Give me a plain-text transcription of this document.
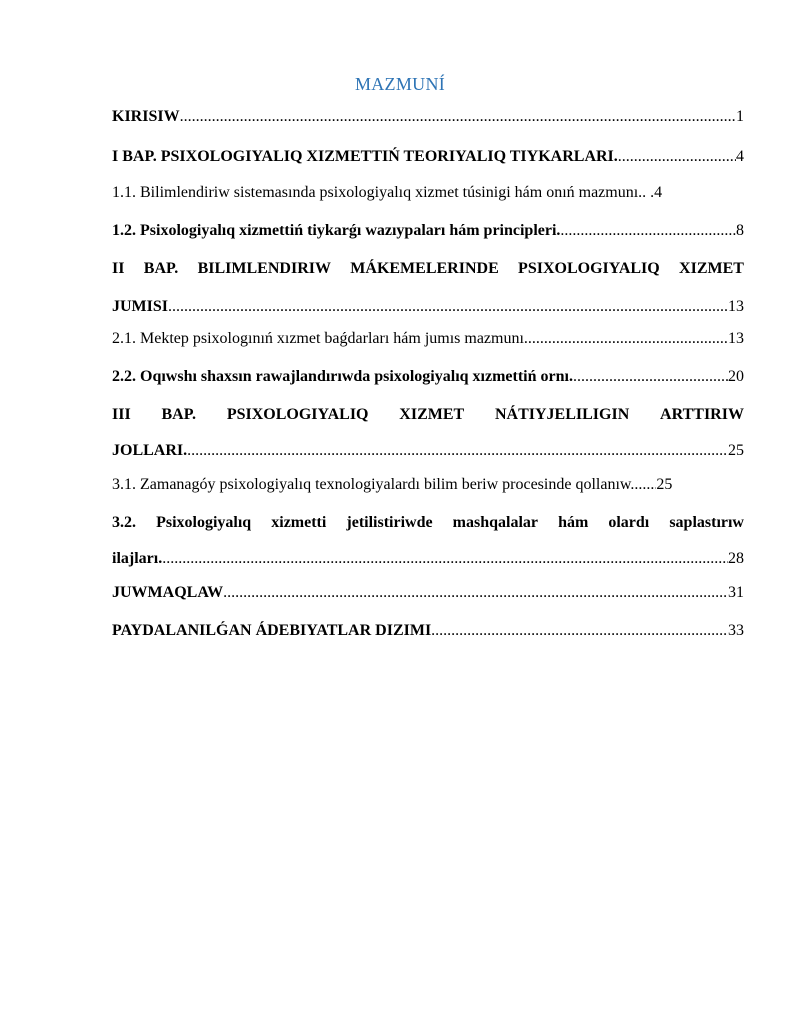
MAZMUNÍ
KIRISIW .....	1
I BAP. PSIXOLOGIYALIQ XIZMETTIŃ TEORIYALIQ TIYKARLARI. .....	4
1.1. Bilimlendiriw sistemasında psixologiyalıq xizmet túsinigi hám onıń mazmunı.. . 4
1.2. Psixologiyalıq xizmettiń tiykarǵı wazıypaları hám principleri. .....	8
II BAP. BILIMLENDIRIW MÁKEMELERINDE PSIXOLOGIYALIQ XIZMET
JUMISI .....	13
2.1. Mektep psixologınıń xızmet baǵdarları hám jumıs mazmunı. .....	13
2.2. Oqıwshı shaxsın rawajlandırıwda psixologiyalıq xızmettiń ornı. .....	20
III BAP. PSIXOLOGIYALIQ XIZMET NÁTIYJELILIGIN ARTTIRIW
JOLLARI. .....	25
3.1. Zamanagóy psixologiyalıq texnologiyalardı bilim beriw procesinde qollanıw. ..... 25
3.2. Psixologiyalıq xizmetti jetilistiriwde mashqalalar hám olardı saplastırıw
ilajları. .....	28
JUWMAQLAW .....	31
PAYDALANILǴAN ÁDEBIYATLAR DIZIMI .....	33
